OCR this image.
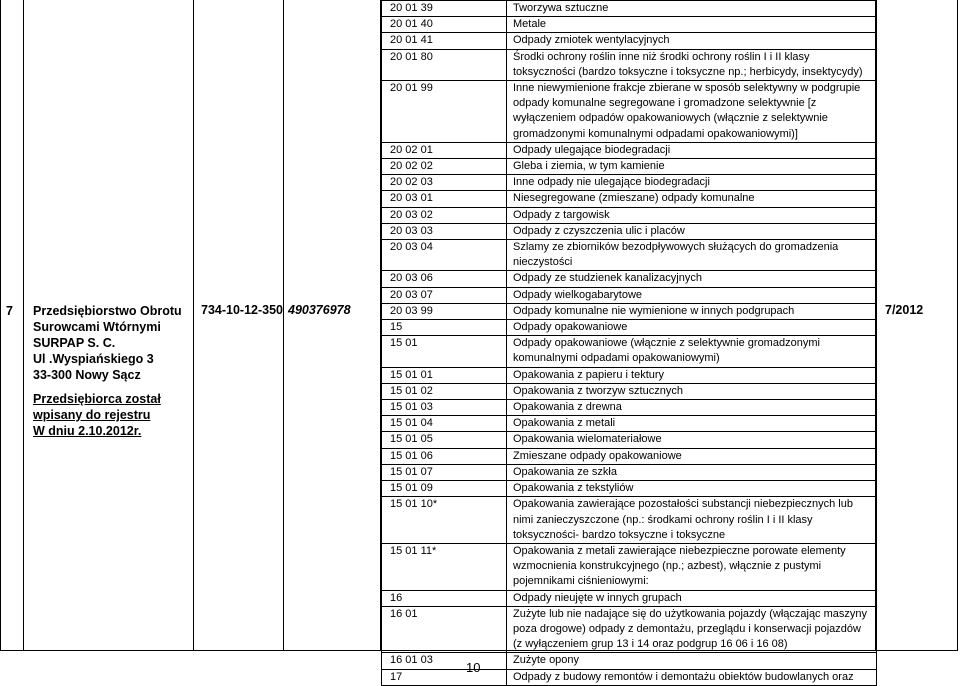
7 Przedsiębiorstwo Obrotu
Surowcami Wtórnymi
SURPAP S. C.
Ul .Wyspiańskiego 3
33-300 Nowy Sącz
Przedsiębiorca został
wpisany do rejestru
W dniu 2.10.2012r.
734-10-12-350 490376978	7/2012
20 01 39	Tworzywa sztuczne

20 01 40	Metale

20 01 41	Odpady zmiotek wentylacyjnych

20 01 80	Środki ochrony roślin inne niż środki ochrony roślin I i II klasy
toksyczności (bardzo toksyczne i toksyczne np.; herbicydy, insektycydy)

20 01 99	Inne niewymienione frakcje zbierane w sposób selektywny w podgrupie
odpady komunalne segregowane i gromadzone selektywnie [z
wyłączeniem odpadów opakowaniowych (włącznie z selektywnie
gromadzonymi komunalnymi odpadami opakowaniowymi)]

20 02 01	Odpady ulegające biodegradacji

20 02 02	Gleba i ziemia, w tym kamienie

20 02 03	Inne odpady nie ulegające biodegradacji

20 03 01	Niesegregowane (zmieszane) odpady komunalne

20 03 02	Odpady z targowisk

20 03 03	Odpady z czyszczenia ulic i placów

20 03 04	Szlamy ze zbiorników bezodpływowych służących do gromadzenia
nieczystości

20 03 06	Odpady ze studzienek kanalizacyjnych

20 03 07	Odpady wielkogabarytowe

20 03 99	Odpady komunalne nie wymienione w innych podgrupach

15	Odpady opakowaniowe

15 01	Odpady opakowaniowe (włącznie z selektywnie gromadzonymi
komunalnymi odpadami opakowaniowymi)

15 01 01	Opakowania z papieru i tektury

15 01 02	Opakowania z tworzyw sztucznych

15 01 03	Opakowania z drewna

15 01 04	Opakowania z metali

15 01 05	Opakowania wielomateriałowe

15 01 06	Zmieszane odpady opakowaniowe

15 01 07	Opakowania ze szkła

15 01 09	Opakowania z tekstyliów

15 01 10*	Opakowania zawierające pozostałości substancji niebezpiecznych lub
nimi zanieczyszczone (np.: środkami ochrony roślin I i II klasy
toksyczności- bardzo toksyczne i toksyczne

15 01 11*	Opakowania z metali zawierające niebezpieczne porowate elementy
wzmocnienia konstrukcyjnego (np.; azbest), włącznie z pustymi
pojemnikami ciśnieniowymi:

16	Odpady nieujęte w innych grupach

16 01	Zużyte lub nie nadające się do użytkowania pojazdy (włączając maszyny
poza drogowe) odpady z demontażu, przeglądu i konserwacji pojazdów
(z wyłączeniem grup 13 i 14 oraz podgrup 16 06 i 16 08)

16 01 03	Zużyte opony

17	Odpady z budowy remontów i demontażu obiektów budowlanych oraz
10
